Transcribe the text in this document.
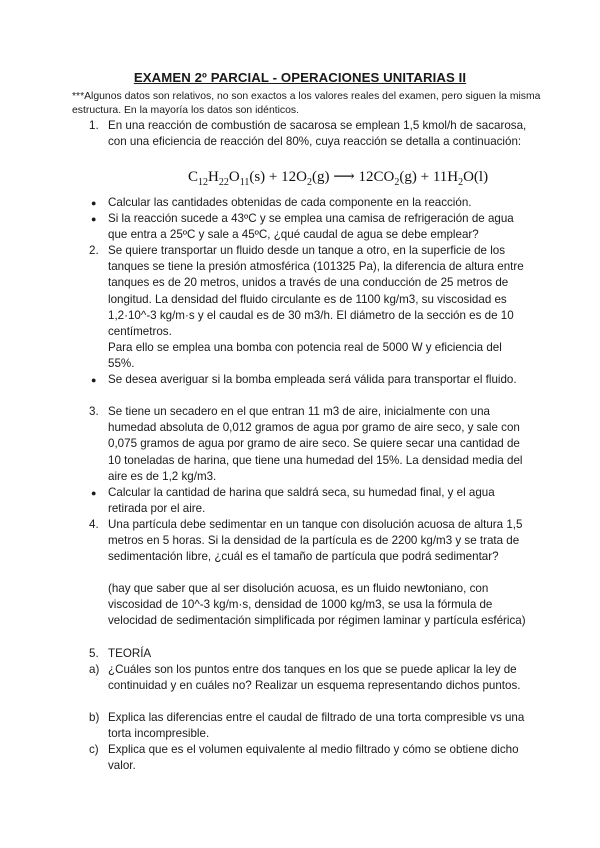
EXAMEN 2º PARCIAL - OPERACIONES UNITARIAS II
***Algunos datos son relativos, no son exactos a los valores reales del examen, pero siguen la misma estructura. En la mayoría los datos son idénticos.
1. En una reacción de combustión de sacarosa se emplean 1,5 kmol/h de sacarosa, con una eficiencia de reacción del 80%, cuya reacción se detalla a continuación:
$C_{12}H_{22}O_{11}(s) + 12O_2(g)$ ⟶ $12CO_2(g) + 11H_2O(l)$
● Calcular las cantidades obtenidas de cada componente en la reacción.
● Si la reacción sucede a 43ºC y se emplea una camisa de refrigeración de agua que entra a 25ºC y sale a 45ºC, ¿qué caudal de agua se debe emplear?
2. Se quiere transportar un fluido desde un tanque a otro, en la superficie de los tanques se tiene la presión atmosférica (101325 Pa), la diferencia de altura entre tanques es de 20 metros, unidos a través de una conducción de 25 metros de longitud. La densidad del fluido circulante es de 1100 kg/m3, su viscosidad es 1,2·10^-3 kg/m·s y el caudal es de 30 m3/h. El diámetro de la sección es de 10 centímetros.
Para ello se emplea una bomba con potencia real de 5000 W y eficiencia del 55%.
● Se desea averiguar si la bomba empleada será válida para transportar el fluido.
3. Se tiene un secadero en el que entran 11 m3 de aire, inicialmente con una humedad absoluta de 0,012 gramos de agua por gramo de aire seco, y sale con 0,075 gramos de agua por gramo de aire seco. Se quiere secar una cantidad de 10 toneladas de harina, que tiene una humedad del 15%. La densidad media del aire es de 1,2 kg/m3.
● Calcular la cantidad de harina que saldrá seca, su humedad final, y el agua retirada por el aire.
4. Una partícula debe sedimentar en un tanque con disolución acuosa de altura 1,5 metros en 5 horas. Si la densidad de la partícula es de 2200 kg/m3 y se trata de sedimentación libre, ¿cuál es el tamaño de partícula que podrá sedimentar?
(hay que saber que al ser disolución acuosa, es un fluido newtoniano, con viscosidad de 10^-3 kg/m·s, densidad de 1000 kg/m3, se usa la fórmula de velocidad de sedimentación simplificada por régimen laminar y partícula esférica)
5. TEORÍA
a) ¿Cuáles son los puntos entre dos tanques en los que se puede aplicar la ley de continuidad y en cuáles no? Realizar un esquema representando dichos puntos.
b) Explica las diferencias entre el caudal de filtrado de una torta compresible vs una torta incompresible.
c) Explica que es el volumen equivalente al medio filtrado y cómo se obtiene dicho valor.
